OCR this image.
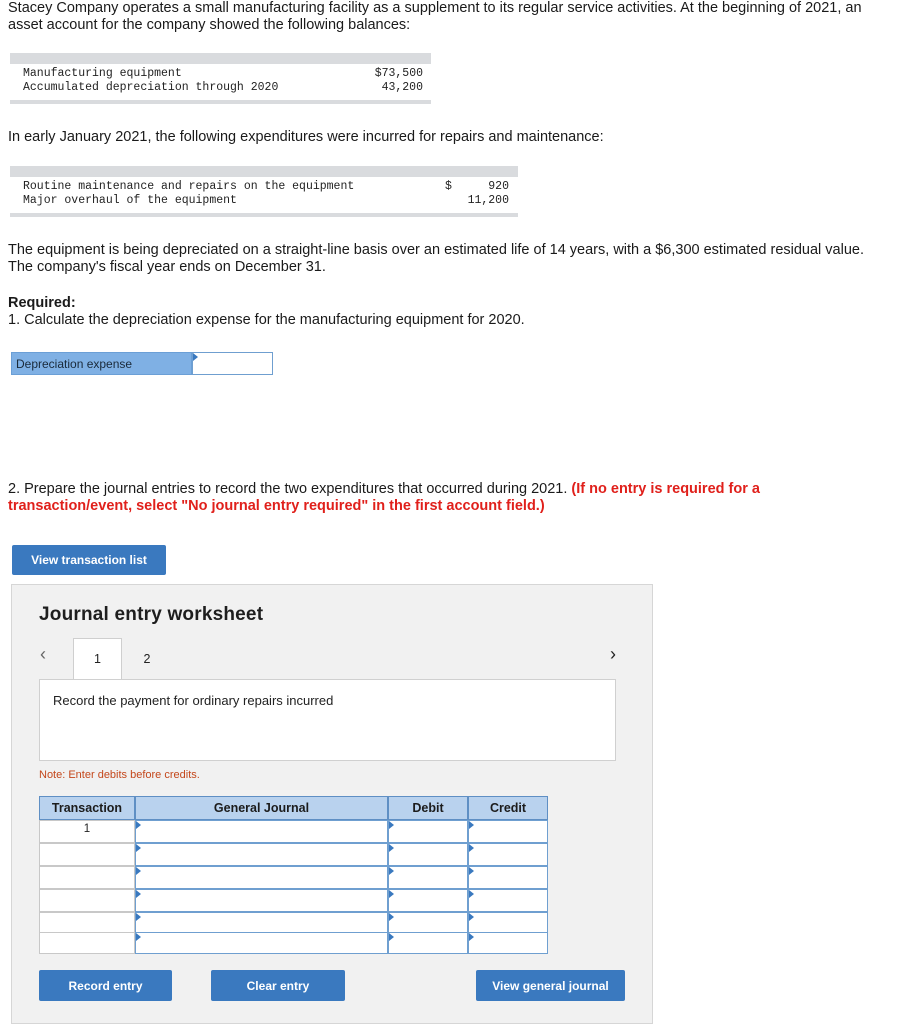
Stacey Company operates a small manufacturing facility as a supplement to its regular service activities. At the beginning of 2021, an
asset account for the company showed the following balances:
Manufacturing equipment	$73,500
Accumulated depreciation through 2020	43,200
In early January 2021, the following expenditures were incurred for repairs and maintenance:
Routine maintenance and repairs on the equipment	$	920
Major overhaul of the equipment	11,200
The equipment is being depreciated on a straight-line basis over an estimated life of 14 years, with a $6,300 estimated residual value.
The company's fiscal year ends on December 31.
Required:
1. Calculate the depreciation expense for the manufacturing equipment for 2020.
Depreciation expense
2. Prepare the journal entries to record the two expenditures that occurred during 2021. (If no entry is required for a
transaction/event, select "No journal entry required" in the first account field.)
View transaction list
Journal entry worksheet
‹	1	2	›
Record the payment for ordinary repairs incurred
Note: Enter debits before credits.
Transaction	General Journal	Debit	Credit
1
Record entry	Clear entry	View general journal
